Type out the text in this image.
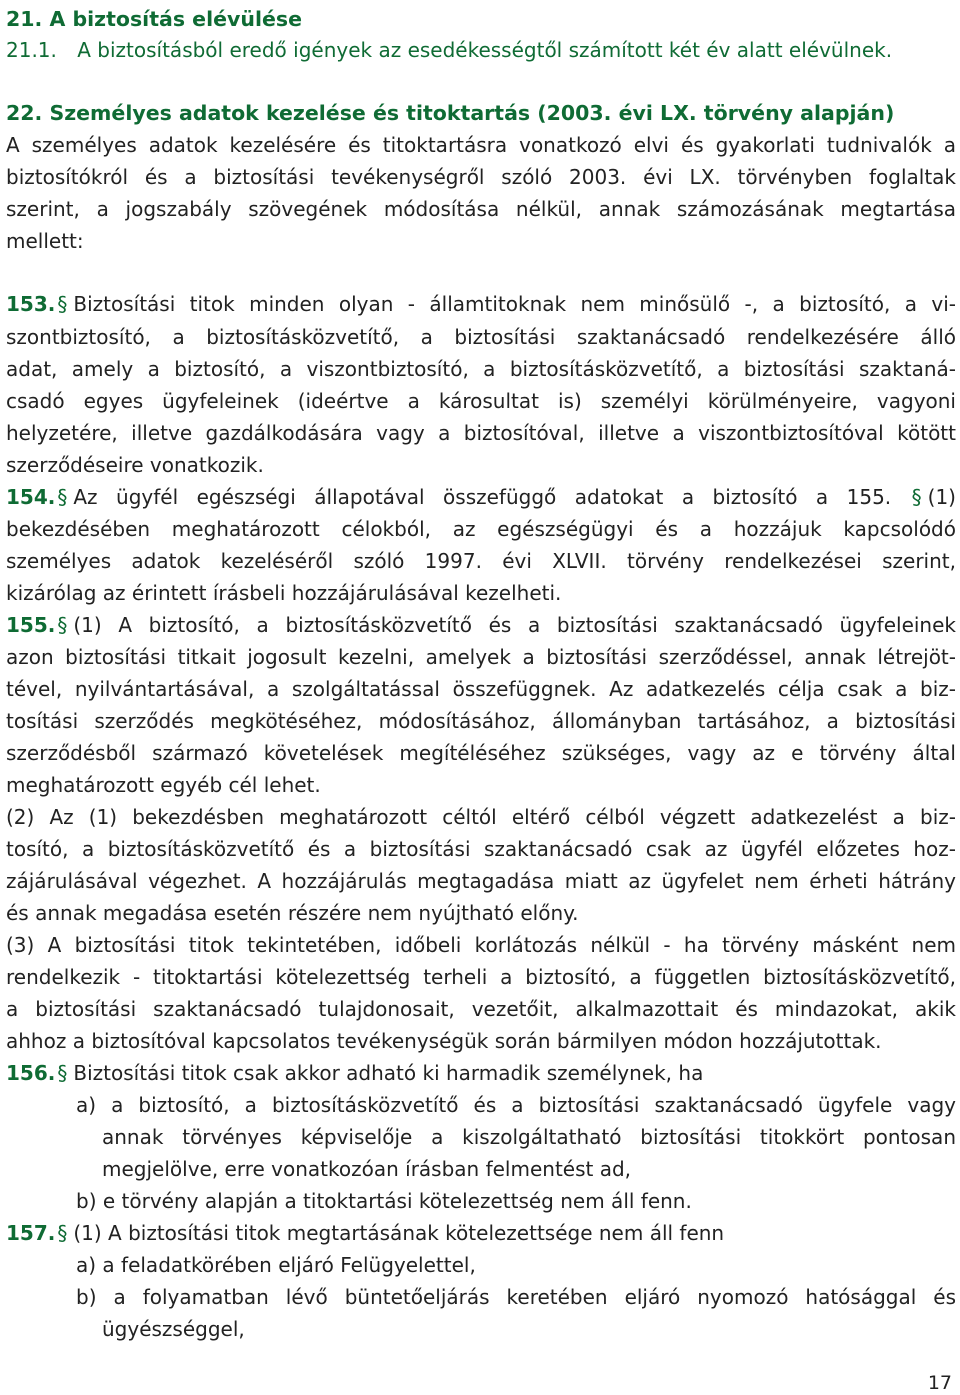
21. A biztosítás elévülése
21.1. A biztosításból eredő igények az esedékességtől számított két év alatt elévülnek.
22. Személyes adatok kezelése és titoktartás (2003. évi LX. törvény alapján)
A személyes adatok kezelésére és titoktartásra vonatkozó elvi és gyakorlati tudnivalók a
biztosítókról és a biztosítási tevékenységről szóló 2003. évi LX. törvényben foglaltak
szerint, a jogszabály szövegének módosítása nélkül, annak számozásának megtartása
mellett:
153. § Biztosítási titok minden olyan - államtitoknak nem minősülő -, a biztosító, a vi-
szontbiztosító, a biztosításközvetítő, a biztosítási szaktanácsadó rendelkezésére álló
adat, amely a biztosító, a viszontbiztosító, a biztosításközvetítő, a biztosítási szaktaná-
csadó egyes ügyfeleinek (ideértve a károsultat is) személyi körülményeire, vagyoni
helyzetére, illetve gazdálkodására vagy a biztosítóval, illetve a viszontbiztosítóval kötött
szerződéseire vonatkozik.
154. § Az ügyfél egészségi állapotával összefüggő adatokat a biztosító a 155. § (1)
bekezdésében meghatározott célokból, az egészségügyi és a hozzájuk kapcsolódó
személyes adatok kezeléséről szóló 1997. évi XLVII. törvény rendelkezései szerint,
kizárólag az érintett írásbeli hozzájárulásával kezelheti.
155. § (1) A biztosító, a biztosításközvetítő és a biztosítási szaktanácsadó ügyfeleinek
azon biztosítási titkait jogosult kezelni, amelyek a biztosítási szerződéssel, annak létrejöt-
tével, nyilvántartásával, a szolgáltatással összefüggnek. Az adatkezelés célja csak a biz-
tosítási szerződés megkötéséhez, módosításához, állományban tartásához, a biztosítási
szerződésből származó követelések megítéléséhez szükséges, vagy az e törvény által
meghatározott egyéb cél lehet.
(2) Az (1) bekezdésben meghatározott céltól eltérő célból végzett adatkezelést a biz-
tosító, a biztosításközvetítő és a biztosítási szaktanácsadó csak az ügyfél előzetes hoz-
zájárulásával végezhet. A hozzájárulás megtagadása miatt az ügyfelet nem érheti hátrány
és annak megadása esetén részére nem nyújtható előny.
(3) A biztosítási titok tekintetében, időbeli korlátozás nélkül - ha törvény másként nem
rendelkezik - titoktartási kötelezettség terheli a biztosító, a független biztosításközvetítő,
a biztosítási szaktanácsadó tulajdonosait, vezetőit, alkalmazottait és mindazokat, akik
ahhoz a biztosítóval kapcsolatos tevékenységük során bármilyen módon hozzájutottak.
156. § Biztosítási titok csak akkor adható ki harmadik személynek, ha
a) a biztosító, a biztosításközvetítő és a biztosítási szaktanácsadó ügyfele vagy
annak törvényes képviselője a kiszolgáltatható biztosítási titokkört pontosan
megjelölve, erre vonatkozóan írásban felmentést ad,
b) e törvény alapján a titoktartási kötelezettség nem áll fenn.
157. § (1) A biztosítási titok megtartásának kötelezettsége nem áll fenn
a) a feladatkörében eljáró Felügyelettel,
b) a folyamatban lévő büntetőeljárás keretében eljáró nyomozó hatósággal és
ügyészséggel,
17
